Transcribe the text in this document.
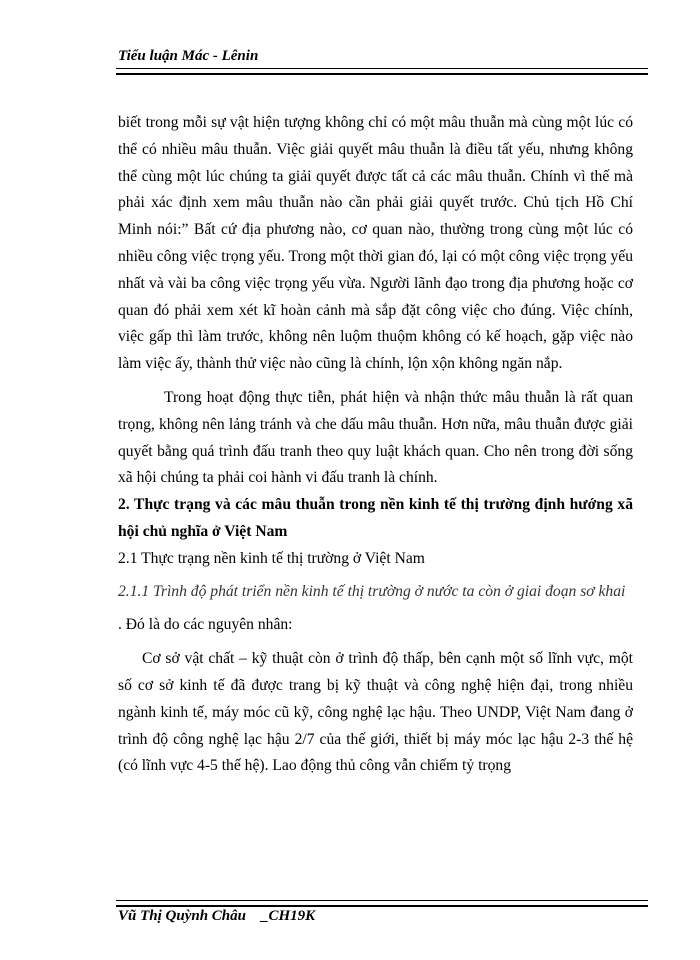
Tiểu luận Mác - Lênin

biết trong mỗi sự vật hiện tượng không chỉ có một mâu thuẫn mà cùng một lúc có thể có nhiều mâu thuẫn. Việc giải quyết mâu thuẫn là điều tất yếu, nhưng không thể cùng một lúc chúng ta giải quyết được tất cả các mâu thuẫn. Chính vì thế mà phải xác định xem mâu thuẫn nào cần phải giải quyết trước. Chủ tịch Hồ Chí Minh nói:” Bất cứ địa phương nào, cơ quan nào, thường trong cùng một lúc có nhiều công việc trọng yếu. Trong một thời gian đó, lại có một công việc trọng yếu nhất và vài ba công việc trọng yếu vừa. Người lãnh đạo trong địa phương hoặc cơ quan đó phải xem xét kĩ hoàn cảnh mà sắp đặt công việc cho đúng. Việc chính, việc gấp thì làm trước, không nên luộm thuộm không có kế hoạch, gặp việc nào làm việc ấy, thành thử việc nào cũng là chính, lộn xộn không ngăn nắp.

Trong hoạt động thực tiễn, phát hiện và nhận thức mâu thuẫn là rất quan trọng, không nên lảng tránh và che dấu mâu thuẫn. Hơn nữa, mâu thuẫn được giải quyết bằng quá trình đấu tranh theo quy luật khách quan. Cho nên trong đời sống xã hội chúng ta phải coi hành vi đấu tranh là chính.

2. Thực trạng và các mâu thuẫn trong nền kinh tế thị trường định hướng xã hội chủ nghĩa ở Việt Nam

2.1 Thực trạng nền kinh tế thị trường ở Việt Nam

2.1.1 Trình độ phát triển nền kinh tế thị trường ở nước ta còn ở giai đoạn sơ khai

. Đó là do các nguyên nhân:

Cơ sở vật chất – kỹ thuật còn ở trình độ thấp, bên cạnh một số lĩnh vực, một số cơ sở kinh tế đã được trang bị kỹ thuật và công nghệ hiện đại, trong nhiều ngành kinh tế, máy móc cũ kỹ, công nghệ lạc hậu. Theo UNDP, Việt Nam đang ở trình độ công nghệ lạc hậu 2/7 của thế giới, thiết bị máy móc lạc hậu 2-3 thế hệ (có lĩnh vực 4-5 thế hệ). Lao động thủ công vẫn chiếm tỷ trọng

Vũ Thị Quỳnh Châu _CH19K
